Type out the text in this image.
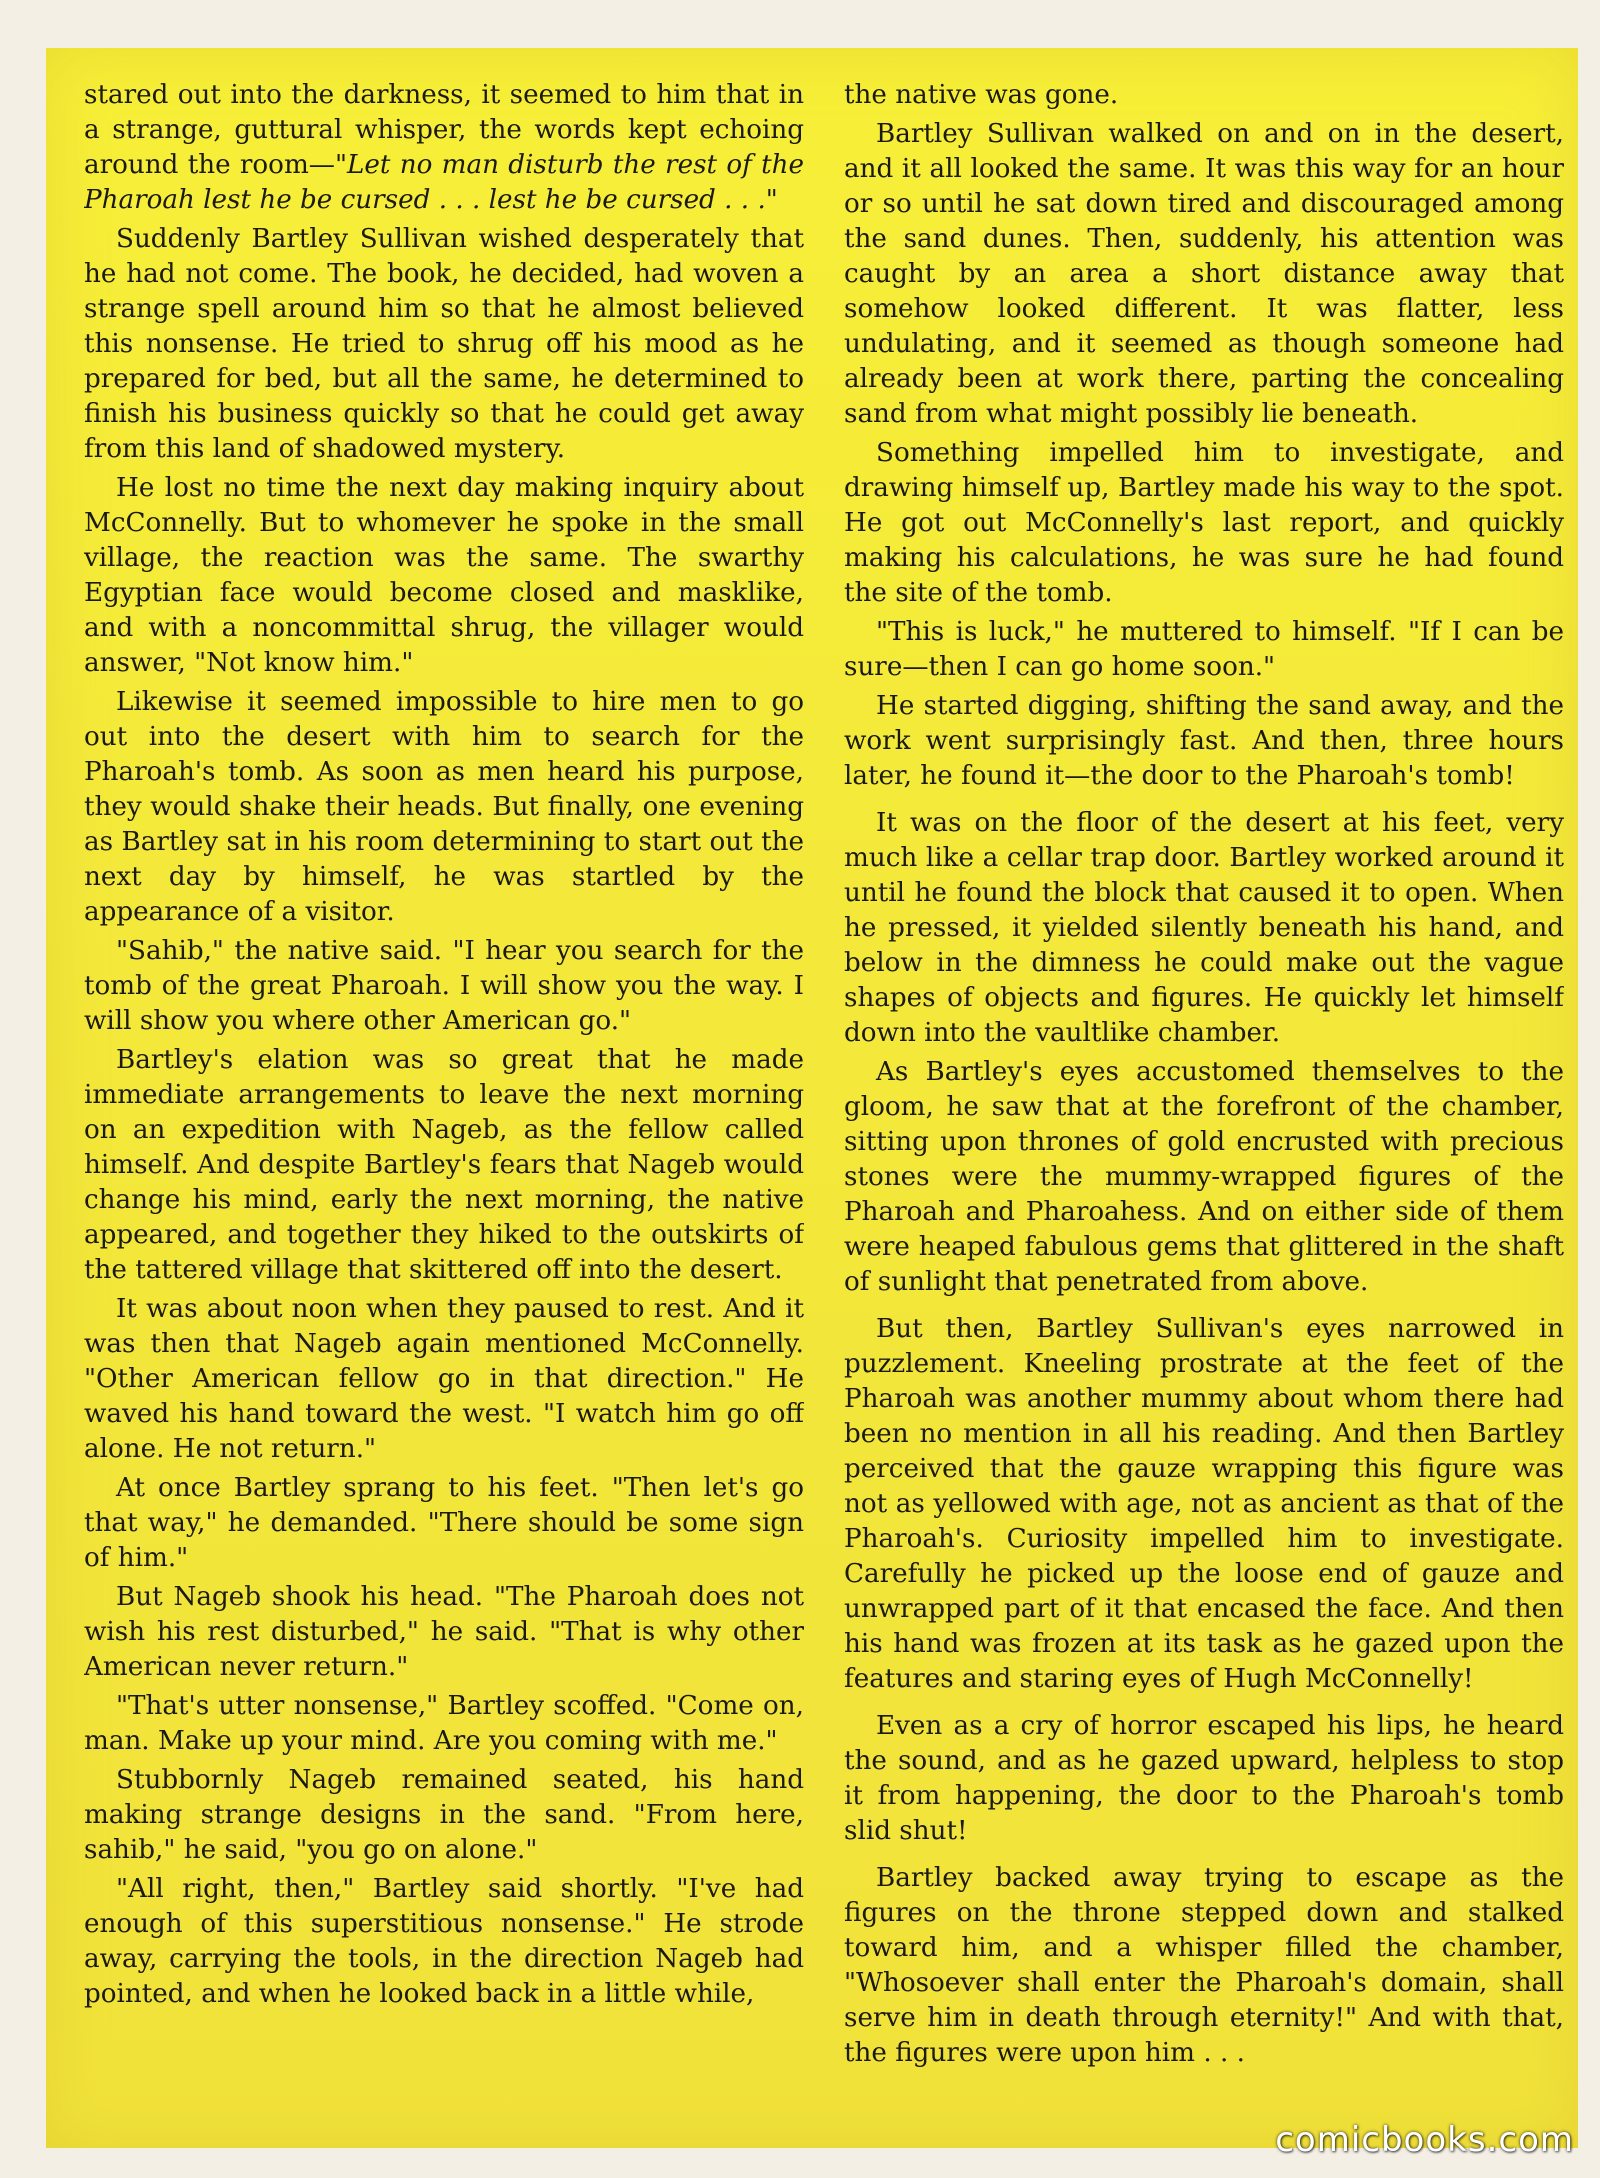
stared out into the darkness, it seemed to him that in a strange, guttural whisper, the words kept echoing around the room—"Let no man disturb the rest of the Pharoah lest he be cursed . . . lest he be cursed . . ."

Suddenly Bartley Sullivan wished desperately that he had not come. The book, he decided, had woven a strange spell around him so that he almost believed this nonsense. He tried to shrug off his mood as he prepared for bed, but all the same, he determined to finish his business quickly so that he could get away from this land of shadowed mystery.

He lost no time the next day making inquiry about McConnelly. But to whomever he spoke in the small village, the reaction was the same. The swarthy Egyptian face would become closed and masklike, and with a noncommittal shrug, the villager would answer, "Not know him."

Likewise it seemed impossible to hire men to go out into the desert with him to search for the Pharoah's tomb. As soon as men heard his purpose, they would shake their heads. But finally, one evening as Bartley sat in his room determining to start out the next day by himself, he was startled by the appearance of a visitor.

"Sahib," the native said. "I hear you search for the tomb of the great Pharoah. I will show you the way. I will show you where other American go."

Bartley's elation was so great that he made immediate arrangements to leave the next morning on an expedition with Nageb, as the fellow called himself. And despite Bartley's fears that Nageb would change his mind, early the next morning, the native appeared, and together they hiked to the outskirts of the tattered village that skittered off into the desert.

It was about noon when they paused to rest. And it was then that Nageb again mentioned McConnelly. "Other American fellow go in that direction." He waved his hand toward the west. "I watch him go off alone. He not return."

At once Bartley sprang to his feet. "Then let's go that way," he demanded. "There should be some sign of him."

But Nageb shook his head. "The Pharoah does not wish his rest disturbed," he said. "That is why other American never return."

"That's utter nonsense," Bartley scoffed. "Come on, man. Make up your mind. Are you coming with me."

Stubbornly Nageb remained seated, his hand making strange designs in the sand. "From here, sahib," he said, "you go on alone."

"All right, then," Bartley said shortly. "I've had enough of this superstitious nonsense." He strode away, carrying the tools, in the direction Nageb had pointed, and when he looked back in a little while,

the native was gone.

Bartley Sullivan walked on and on in the desert, and it all looked the same. It was this way for an hour or so until he sat down tired and discouraged among the sand dunes. Then, suddenly, his attention was caught by an area a short distance away that somehow looked different. It was flatter, less undulating, and it seemed as though someone had already been at work there, parting the concealing sand from what might possibly lie beneath.

Something impelled him to investigate, and drawing himself up, Bartley made his way to the spot. He got out McConnelly's last report, and quickly making his calculations, he was sure he had found the site of the tomb.

"This is luck," he muttered to himself. "If I can be sure—then I can go home soon."

He started digging, shifting the sand away, and the work went surprisingly fast. And then, three hours later, he found it—the door to the Pharoah's tomb!

It was on the floor of the desert at his feet, very much like a cellar trap door. Bartley worked around it until he found the block that caused it to open. When he pressed, it yielded silently beneath his hand, and below in the dimness he could make out the vague shapes of objects and figures. He quickly let himself down into the vaultlike chamber.

As Bartley's eyes accustomed themselves to the gloom, he saw that at the forefront of the chamber, sitting upon thrones of gold encrusted with precious stones were the mummy-wrapped figures of the Pharoah and Pharoahess. And on either side of them were heaped fabulous gems that glittered in the shaft of sunlight that penetrated from above.

But then, Bartley Sullivan's eyes narrowed in puzzlement. Kneeling prostrate at the feet of the Pharoah was another mummy about whom there had been no mention in all his reading. And then Bartley perceived that the gauze wrapping this figure was not as yellowed with age, not as ancient as that of the Pharoah's. Curiosity impelled him to investigate. Carefully he picked up the loose end of gauze and unwrapped part of it that encased the face. And then his hand was frozen at its task as he gazed upon the features and staring eyes of Hugh McConnelly!

Even as a cry of horror escaped his lips, he heard the sound, and as he gazed upward, helpless to stop it from happening, the door to the Pharoah's tomb slid shut!

Bartley backed away trying to escape as the figures on the throne stepped down and stalked toward him, and a whisper filled the chamber, "Whosoever shall enter the Pharoah's domain, shall serve him in death through eternity!" And with that, the figures were upon him . . .

comicbooks.com
